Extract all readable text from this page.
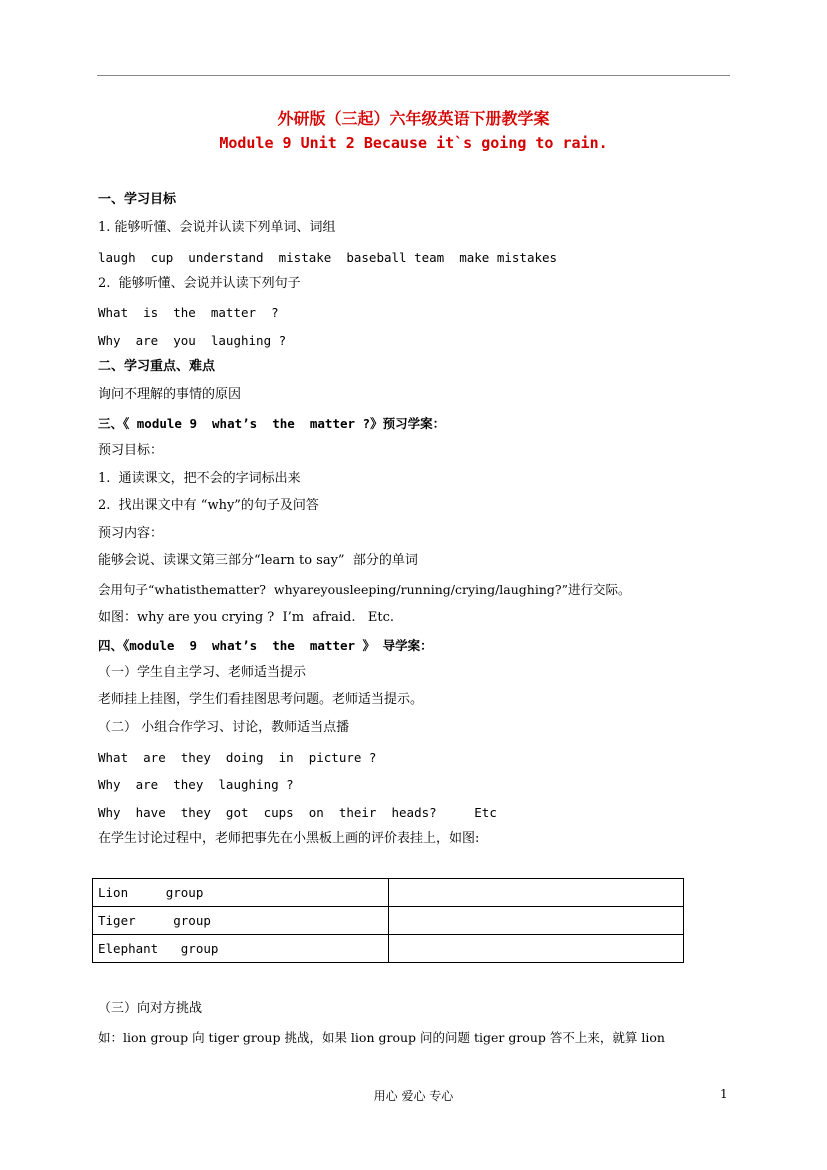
外研版（三起）六年级英语下册教学案
Module 9 Unit 2 Because it`s going to rain.
一、学习目标
1. 能够听懂、会说并认读下列单词、词组
laugh  cup  understand  mistake  baseball team  make mistakes
2.  能够听懂、会说并认读下列句子
What  is  the  matter  ?
Why  are  you  laughing ?
二、学习重点、难点
询问不理解的事情的原因
三、《 module 9  what’s  the  matter ?》预习学案：
预习目标：
1.  通读课文，把不会的字词标出来
2.  找出课文中有 “why”的句子及问答
预习内容：
能够会说、读课文第三部分“learn to say”  部分的单词
会用句子“whatisthematter?  whyareyousleeping/running/crying/laughing?”进行交际。
如图：why are you crying ?  I’m  afraid.   Etc.
四、《module  9  what’s  the  matter 》 导学案：
（一）学生自主学习、老师适当提示
老师挂上挂图，学生们看挂图思考问题。老师适当提示。
（二） 小组合作学习、讨论，教师适当点播
What  are  they  doing  in  picture ?
Why  are  they  laughing ?
Why  have  they  got  cups  on  their  heads?     Etc
在学生讨论过程中，老师把事先在小黑板上画的评价表挂上，如图:
Lion     group	
Tiger     group	
Elephant   group	
（三）向对方挑战
如：lion group 向 tiger group 挑战，如果 lion group 问的问题 tiger group 答不上来，就算 lion
用心 爱心 专心	1
